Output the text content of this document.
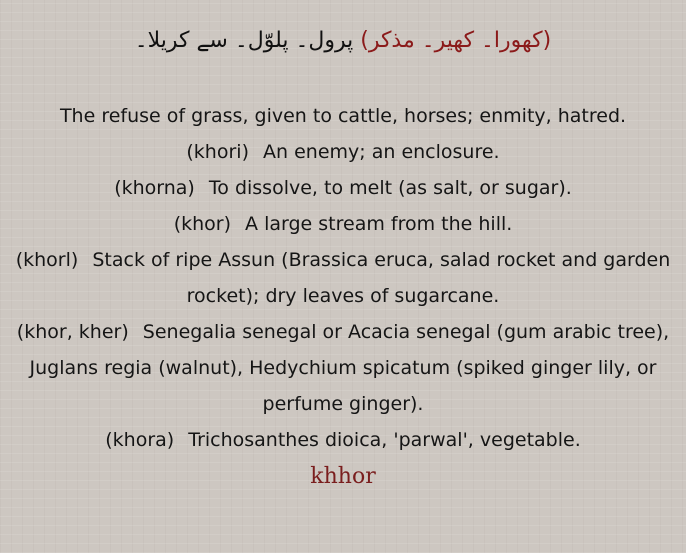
(کھورا۔ کھیر۔ مذکر) پرول۔ پلوّل۔ سے کریلا۔

The refuse of grass, given to cattle, horses; enmity, hatred.

(khori) An enemy; an enclosure.

(khorna) To dissolve, to melt (as salt, or sugar).

(khor) A large stream from the hill.

(khorl) Stack of ripe Assun (Brassica eruca, salad rocket and garden rocket); dry leaves of sugarcane.

(khor, kher) Senegalia senegal or Acacia senegal (gum arabic tree), Juglans regia (walnut), Hedychium spicatum (spiked ginger lily, or perfume ginger).

(khora) Trichosanthes dioica, 'parwal', vegetable.

khhor
